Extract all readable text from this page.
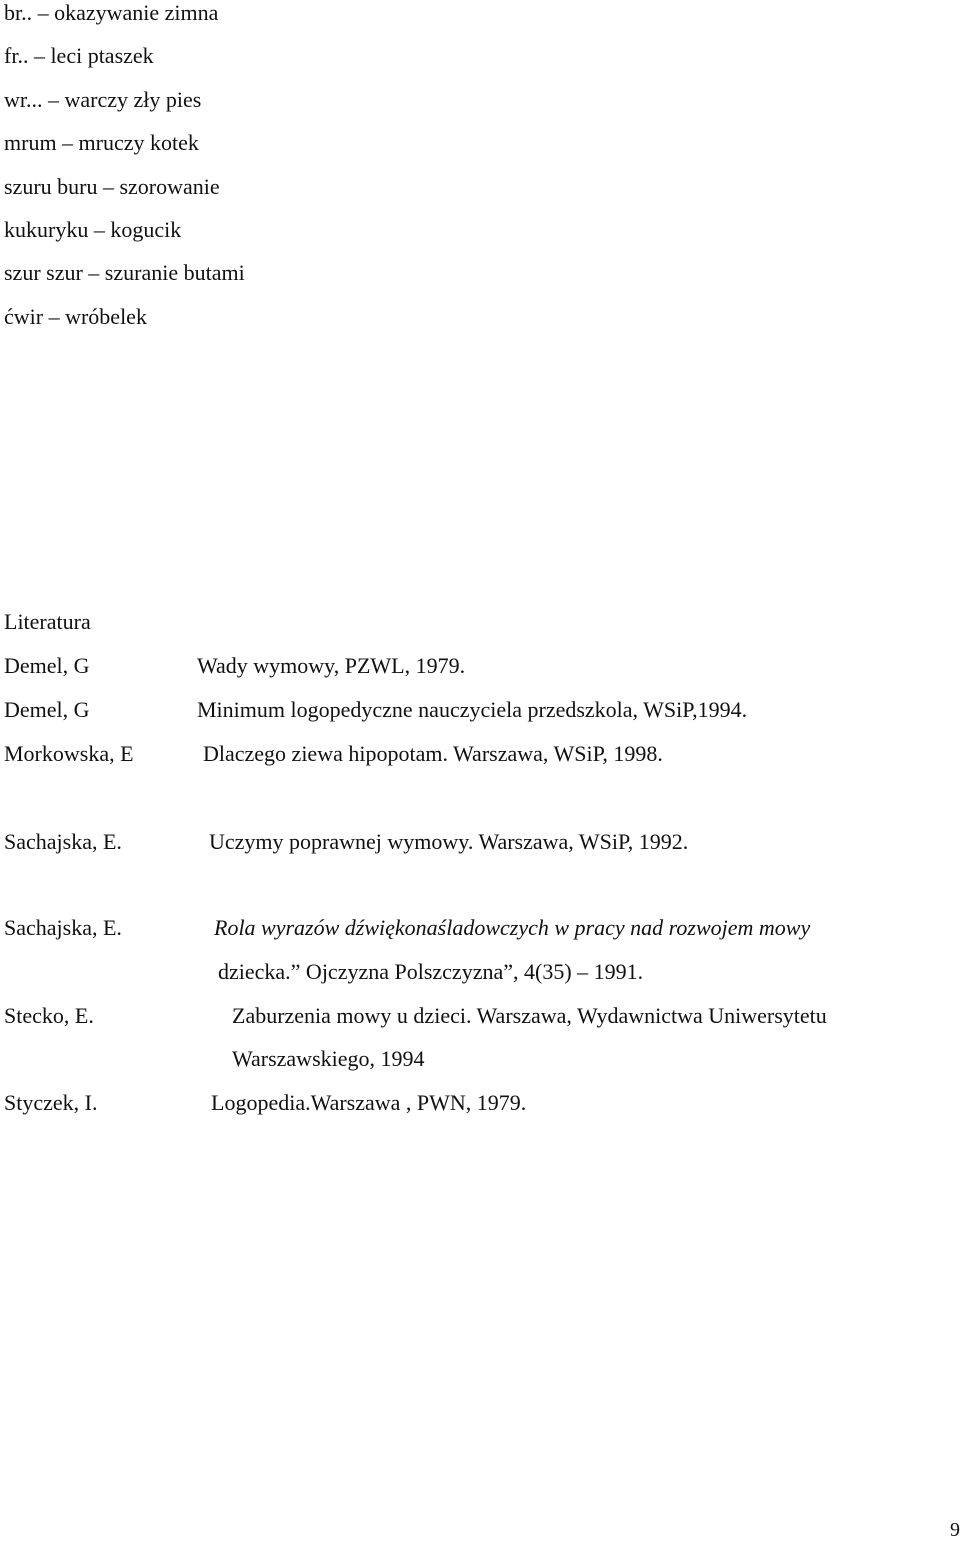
br.. – okazywanie zimna
fr.. – leci ptaszek
wr... – warczy zły pies
mrum – mruczy kotek
szuru buru – szorowanie
kukuryku – kogucik
szur szur – szuranie butami
ćwir – wróbelek
Literatura
Demel, G	Wady wymowy, PZWL, 1979.
Demel, G	Minimum logopedyczne nauczyciela przedszkola, WSiP,1994.
Morkowska, E	Dlaczego ziewa hipopotam. Warszawa, WSiP, 1998.
Sachajska, E.	Uczymy poprawnej wymowy. Warszawa, WSiP, 1992.
Sachajska, E.	Rola wyrazów dźwiękonaśladowczych w pracy nad rozwojem mowy
dziecka.” Ojczyzna Polszczyzna”, 4(35) – 1991.
Stecko, E.	Zaburzenia mowy u dzieci. Warszawa, Wydawnictwa Uniwersytetu
Warszawskiego, 1994
Styczek, I.	Logopedia.Warszawa , PWN, 1979.
9
